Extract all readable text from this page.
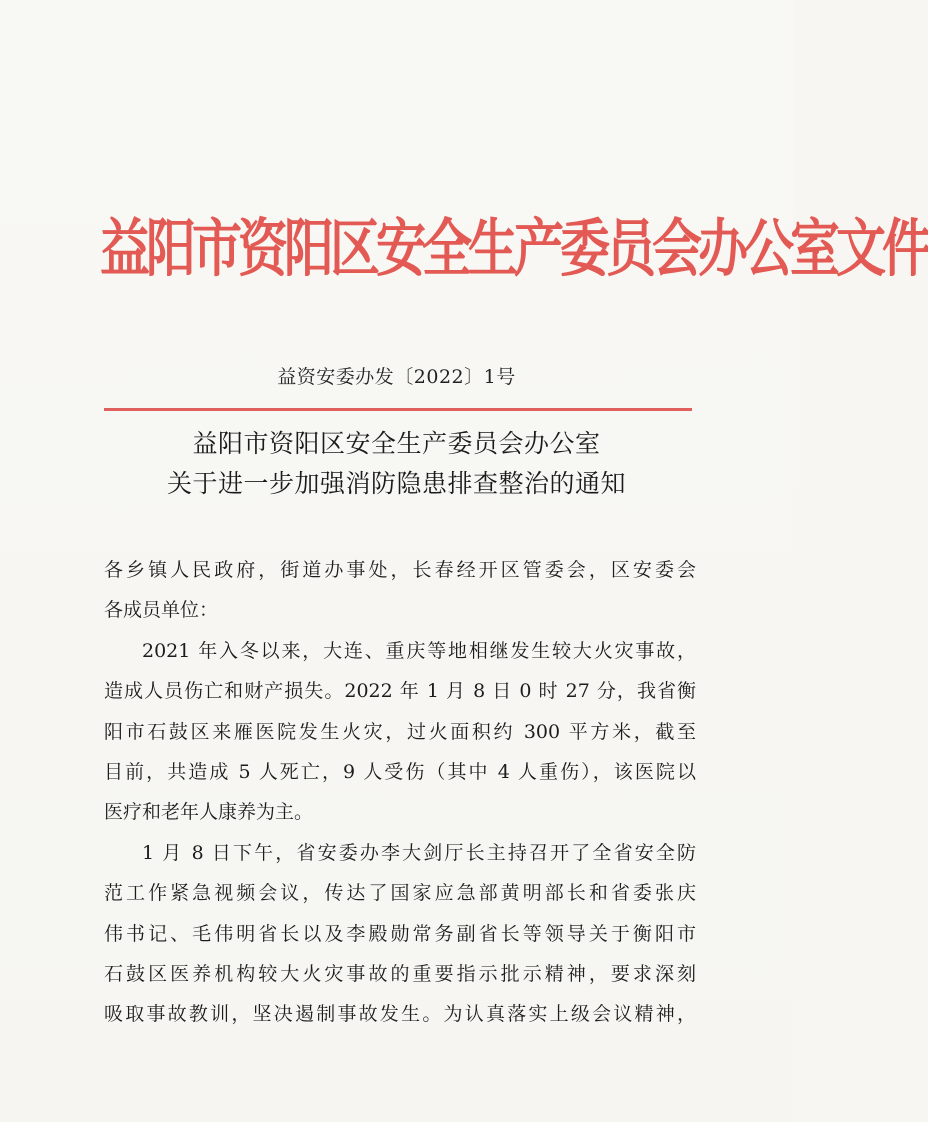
益阳市资阳区安全生产委员会办公室文件
益资安委办发〔2022〕1号
益阳市资阳区安全生产委员会办公室
关于进一步加强消防隐患排查整治的通知

各乡镇人民政府，街道办事处，长春经开区管委会，区安委会
各成员单位：

2021 年入冬以来，大连、重庆等地相继发生较大火灾事故，
造成人员伤亡和财产损失。2022 年 1 月 8 日 0 时 27 分，我省衡
阳市石鼓区来雁医院发生火灾，过火面积约 300 平方米，截至
目前，共造成 5 人死亡，9 人受伤（其中 4 人重伤），该医院以
医疗和老年人康养为主。

1 月 8 日下午，省安委办李大剑厅长主持召开了全省安全防
范工作紧急视频会议，传达了国家应急部黄明部长和省委张庆
伟书记、毛伟明省长以及李殿勋常务副省长等领导关于衡阳市
石鼓区医养机构较大火灾事故的重要指示批示精神，要求深刻
吸取事故教训，坚决遏制事故发生。为认真落实上级会议精神，
